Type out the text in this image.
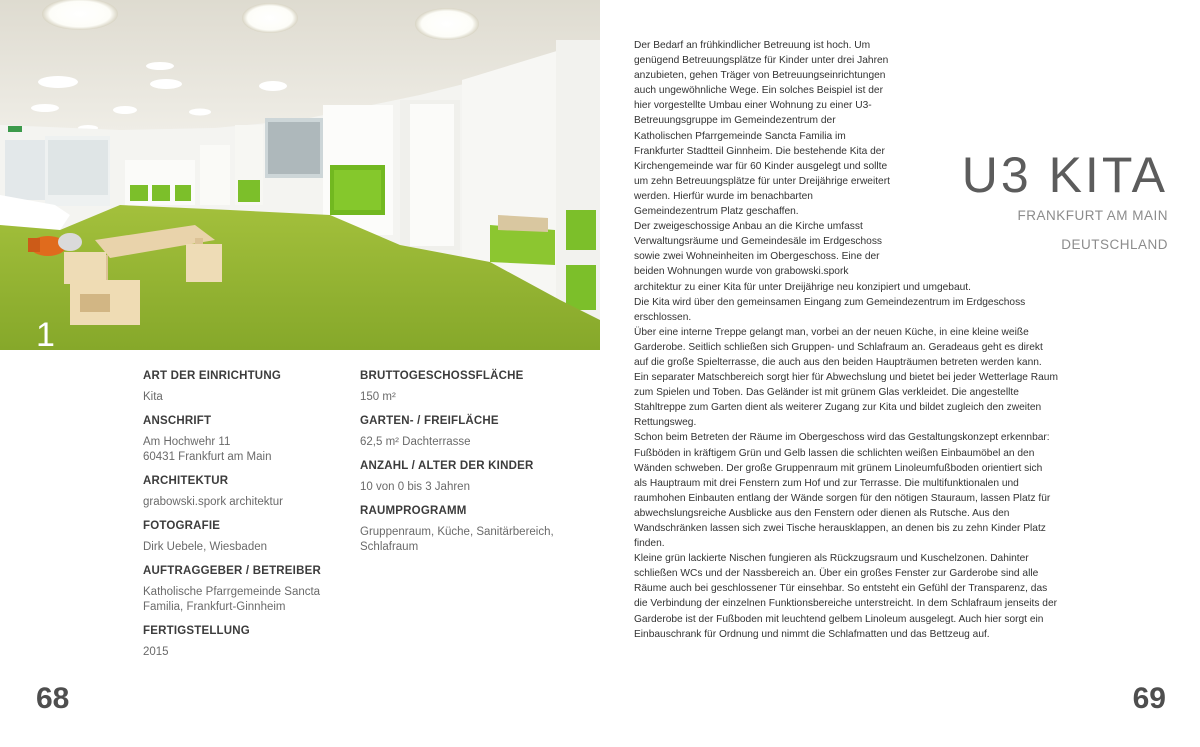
1
ART DER EINRICHTUNG
Kita
ANSCHRIFT
Am Hochwehr 11
60431 Frankfurt am Main
ARCHITEKTUR
grabowski.spork architektur
FOTOGRAFIE
Dirk Uebele, Wiesbaden
AUFTRAGGEBER / BETREIBER
Katholische Pfarrgemeinde Sancta
Familia, Frankfurt-Ginnheim
FERTIGSTELLUNG
2015
BRUTTOGESCHOSSFLÄCHE
150 m²
GARTEN- / FREIFLÄCHE
62,5 m² Dachterrasse
ANZAHL / ALTER DER KINDER
10 von 0 bis 3 Jahren
RAUMPROGRAMM
Gruppenraum, Küche, Sanitärbereich,
Schlafraum
68	69

Der Bedarf an frühkindlicher Betreuung ist hoch. Um genügend Betreuungsplätze für Kinder unter drei Jahren anzubieten, gehen Träger von Betreuungseinrichtungen auch ungewöhnliche Wege. Ein solches Beispiel ist der hier vorgestellte Umbau einer Wohnung zu einer U3-Betreuungsgruppe im Gemeindezentrum der Katholischen Pfarrgemeinde Sancta Familia im Frankfurter Stadtteil Ginnheim. Die bestehende Kita der Kirchengemeinde war für 60 Kinder ausgelegt und sollte um zehn Betreuungsplätze für unter Dreijährige erweitert werden. Hierfür wurde im benachbarten Gemeindezentrum Platz geschaffen.

Der zweigeschossige Anbau an die Kirche umfasst Verwaltungsräume und Gemeindesäle im Erdgeschoss sowie zwei Wohneinheiten im Obergeschoss. Eine der beiden Wohnungen wurde von grabowski.spork architektur zu einer Kita für unter Dreijährige neu konzipiert und umgebaut.

Die Kita wird über den gemeinsamen Eingang zum Gemeindezentrum im Erdgeschoss erschlossen.

Über eine interne Treppe gelangt man, vorbei an der neuen Küche, in eine kleine weiße Garderobe. Seitlich schließen sich Gruppen- und Schlafraum an. Geradeaus geht es direkt auf die große Spielterrasse, die auch aus den beiden Haupträumen betreten werden kann. Ein separater Matschbereich sorgt hier für Abwechslung und bietet bei jeder Wetterlage Raum zum Spielen und Toben. Das Geländer ist mit grünem Glas verkleidet. Die angestellte Stahltreppe zum Garten dient als weiterer Zugang zur Kita und bildet zugleich den zweiten Rettungsweg.

Schon beim Betreten der Räume im Obergeschoss wird das Gestaltungskonzept erkennbar: Fußböden in kräftigem Grün und Gelb lassen die schlichten weißen Einbaumöbel an den Wänden schweben. Der große Gruppenraum mit grünem Linoleumfußboden orientiert sich als Hauptraum mit drei Fenstern zum Hof und zur Terrasse. Die multifunktionalen und raumhohen Einbauten entlang der Wände sorgen für den nötigen Stauraum, lassen Platz für abwechslungsreiche Ausblicke aus den Fenstern oder dienen als Rutsche. Aus den Wandschränken lassen sich zwei Tische herausklappen, an denen bis zu zehn Kinder Platz finden.

Kleine grün lackierte Nischen fungieren als Rückzugsraum und Kuschelzonen. Dahinter schließen WCs und der Nassbereich an. Über ein großes Fenster zur Garderobe sind alle Räume auch bei geschlossener Tür einsehbar. So entsteht ein Gefühl der Transparenz, das die Verbindung der einzelnen Funktionsbereiche unterstreicht. In dem Schlafraum jenseits der Garderobe ist der Fußboden mit leuchtend gelbem Linoleum ausgelegt. Auch hier sorgt ein Einbauschrank für Ordnung und nimmt die Schlafmatten und das Bettzeug auf.

U3 KITA
FRANKFURT AM MAIN
DEUTSCHLAND
